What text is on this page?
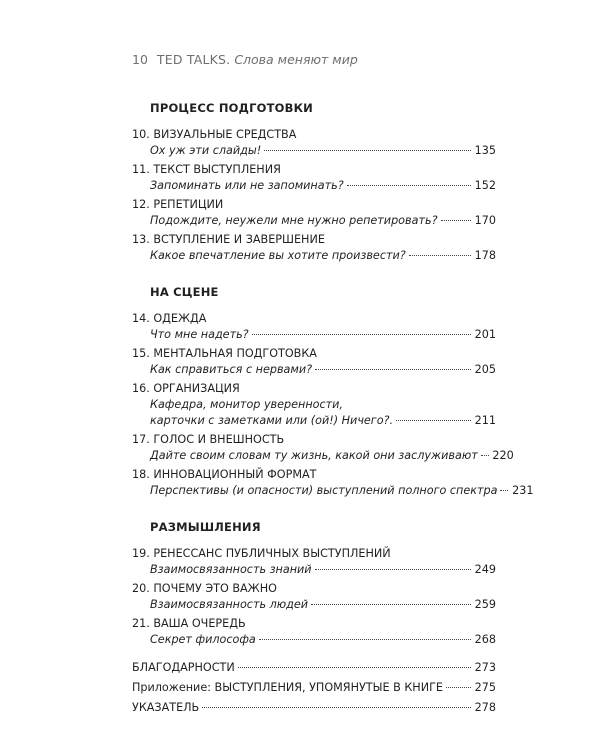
10 TED TALKS. Слова меняют мир
ПРОЦЕСС ПОДГОТОВКИ
10. ВИЗУАЛЬНЫЕ СРЕДСТВА
Ох уж эти слайды!	135
11. ТЕКСТ ВЫСТУПЛЕНИЯ
Запоминать или не запоминать?	152
12. РЕПЕТИЦИИ
Подождите, неужели мне нужно репетировать?	170
13. ВСТУПЛЕНИЕ И ЗАВЕРШЕНИЕ
Какое впечатление вы хотите произвести?	178
НА СЦЕНЕ
14. ОДЕЖДА
Что мне надеть?	201
15. МЕНТАЛЬНАЯ ПОДГОТОВКА
Как справиться с нервами?	205
16. ОРГАНИЗАЦИЯ
Кафедра, монитор уверенности,
карточки с заметками или (ой!) Ничего?.	211
17. ГОЛОС И ВНЕШНОСТЬ
Дайте своим словам ту жизнь, какой они заслуживают 220
18. ИННОВАЦИОННЫЙ ФОРМАТ
Перспективы (и опасности) выступлений полного спектра 231
РАЗМЫШЛЕНИЯ
19. РЕНЕССАНС ПУБЛИЧНЫХ ВЫСТУПЛЕНИЙ
Взаимосвязанность знаний	249
20. ПОЧЕМУ ЭТО ВАЖНО
Взаимосвязанность людей	259
21. ВАША ОЧЕРЕДЬ
Секрет философа	268
БЛАГОДАРНОСТИ	273
Приложение: ВЫСТУПЛЕНИЯ, УПОМЯНУТЫЕ В КНИГЕ	275
УКАЗАТЕЛЬ	278
